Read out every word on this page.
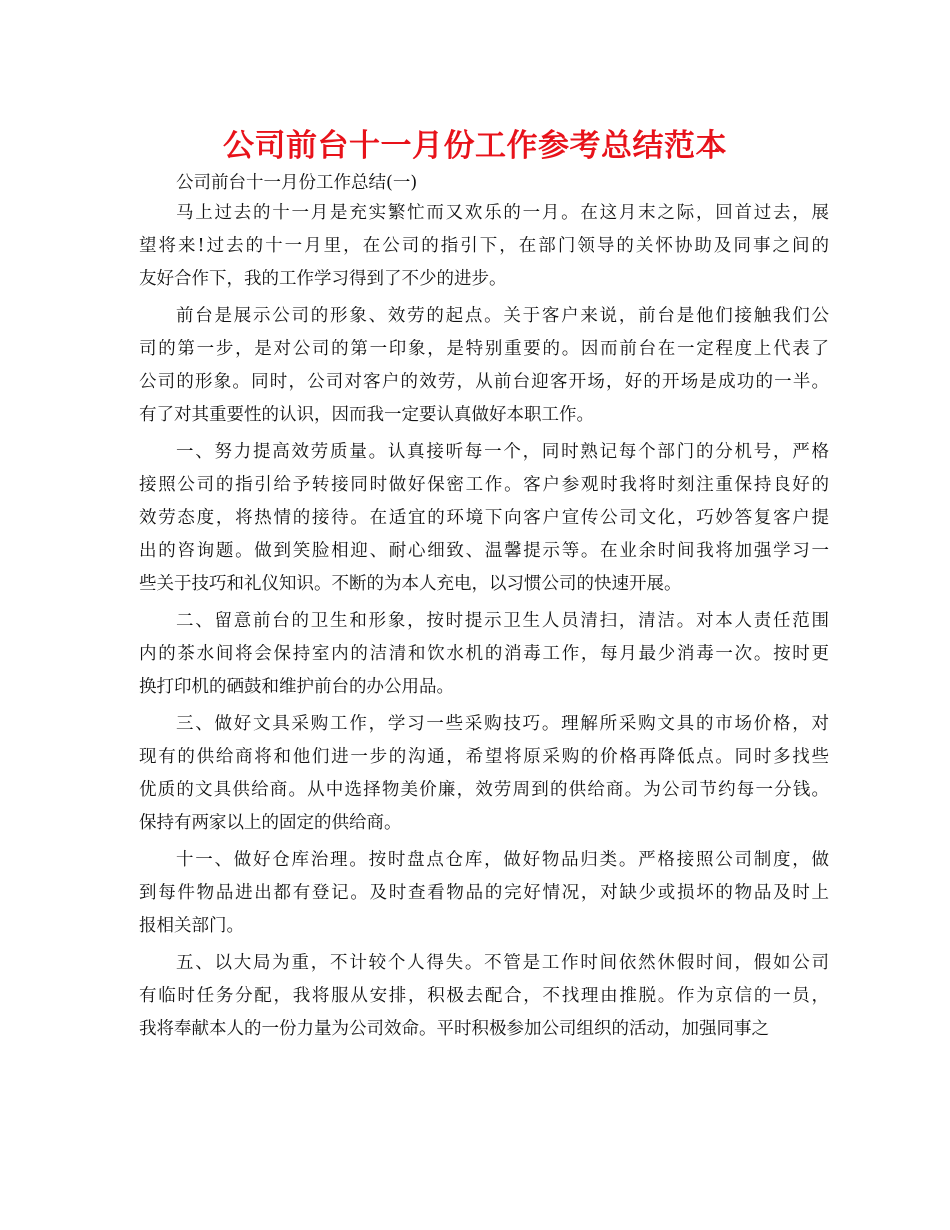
公司前台十一月份工作参考总结范本
公司前台十一月份工作总结(一)
马上过去的十一月是充实繁忙而又欢乐的一月。在这月末之际，回首过去，展
望将来!过去的十一月里，在公司的指引下，在部门领导的关怀协助及同事之间的
友好合作下，我的工作学习得到了不少的进步。
前台是展示公司的形象、效劳的起点。关于客户来说，前台是他们接触我们公
司的第一步，是对公司的第一印象，是特别重要的。因而前台在一定程度上代表了
公司的形象。同时，公司对客户的效劳，从前台迎客开场，好的开场是成功的一半。
有了对其重要性的认识，因而我一定要认真做好本职工作。
一、努力提高效劳质量。认真接听每一个，同时熟记每个部门的分机号，严格
接照公司的指引给予转接同时做好保密工作。客户参观时我将时刻注重保持良好的
效劳态度，将热情的接待。在适宜的环境下向客户宣传公司文化，巧妙答复客户提
出的咨询题。做到笑脸相迎、耐心细致、温馨提示等。在业余时间我将加强学习一
些关于技巧和礼仪知识。不断的为本人充电，以习惯公司的快速开展。
二、留意前台的卫生和形象，按时提示卫生人员清扫，清洁。对本人责任范围
内的茶水间将会保持室内的洁清和饮水机的消毒工作，每月最少消毒一次。按时更
换打印机的硒鼓和维护前台的办公用品。
三、做好文具采购工作，学习一些采购技巧。理解所采购文具的市场价格，对
现有的供给商将和他们进一步的沟通，希望将原采购的价格再降低点。同时多找些
优质的文具供给商。从中选择物美价廉，效劳周到的供给商。为公司节约每一分钱。
保持有两家以上的固定的供给商。
十一、做好仓库治理。按时盘点仓库，做好物品归类。严格接照公司制度，做
到每件物品进出都有登记。及时查看物品的完好情况，对缺少或损坏的物品及时上
报相关部门。
五、以大局为重，不计较个人得失。不管是工作时间依然休假时间，假如公司
有临时任务分配，我将服从安排，积极去配合，不找理由推脱。作为京信的一员，
我将奉献本人的一份力量为公司效命。平时积极参加公司组织的活动，加强同事之
